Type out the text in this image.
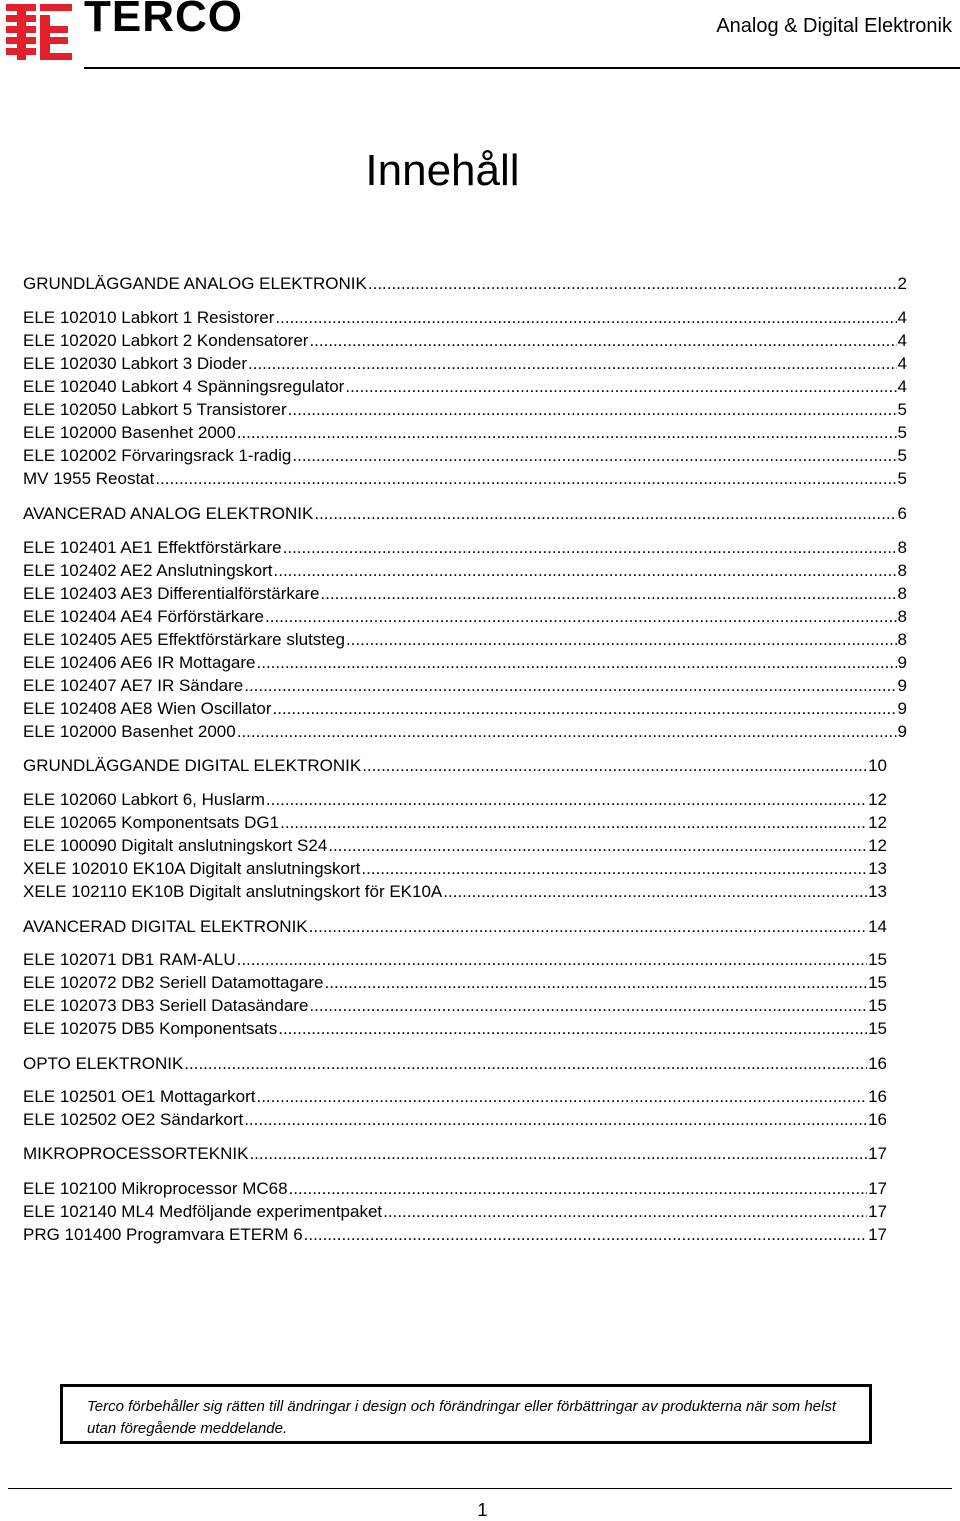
TERCO	Analog & Digital Elektronik
Innehåll
GRUNDLÄGGANDE ANALOG ELEKTRONIK .....	2
ELE 102010 Labkort 1 Resistorer .....	4
ELE 102020 Labkort 2 Kondensatorer .....	4
ELE 102030 Labkort 3 Dioder .....	4
ELE 102040 Labkort 4 Spänningsregulator .....	4
ELE 102050 Labkort 5 Transistorer .....	5
ELE 102000 Basenhet 2000 .....	5
ELE 102002 Förvaringsrack 1-radig .....	5
MV 1955 Reostat .....	5
AVANCERAD ANALOG ELEKTRONIK .....	6
ELE 102401 AE1 Effektförstärkare .....	8
ELE 102402 AE2 Anslutningskort .....	8
ELE 102403 AE3 Differentialförstärkare .....	8
ELE 102404 AE4 Förförstärkare .....	8
ELE 102405 AE5 Effektförstärkare slutsteg .....	8
ELE 102406 AE6 IR Mottagare .....	9
ELE 102407 AE7 IR Sändare .....	9
ELE 102408 AE8 Wien Oscillator .....	9
ELE 102000 Basenhet 2000 .....	9
GRUNDLÄGGANDE DIGITAL ELEKTRONIK .....	10
ELE 102060 Labkort 6, Huslarm .....	12
ELE 102065 Komponentsats DG1 .....	12
ELE 100090 Digitalt anslutningskort S24 .....	12
XELE 102010 EK10A Digitalt anslutningskort .....	13
XELE 102110 EK10B Digitalt anslutningskort för EK10A .....	13
AVANCERAD DIGITAL ELEKTRONIK .....	14
ELE 102071 DB1 RAM-ALU .....	15
ELE 102072 DB2 Seriell Datamottagare .....	15
ELE 102073 DB3 Seriell Datasändare .....	15
ELE 102075 DB5 Komponentsats .....	15
OPTO ELEKTRONIK .....	16
ELE 102501 OE1 Mottagarkort .....	16
ELE 102502 OE2 Sändarkort .....	16
MIKROPROCESSORTEKNIK .....	17
ELE 102100 Mikroprocessor MC68 .....	17
ELE 102140 ML4 Medföljande experimentpaket .....	17
PRG 101400 Programvara ETERM 6 .....	17
Terco förbehåller sig rätten till ändringar i design och förändringar eller förbättringar av produkterna när som helst utan föregående meddelande.
1
